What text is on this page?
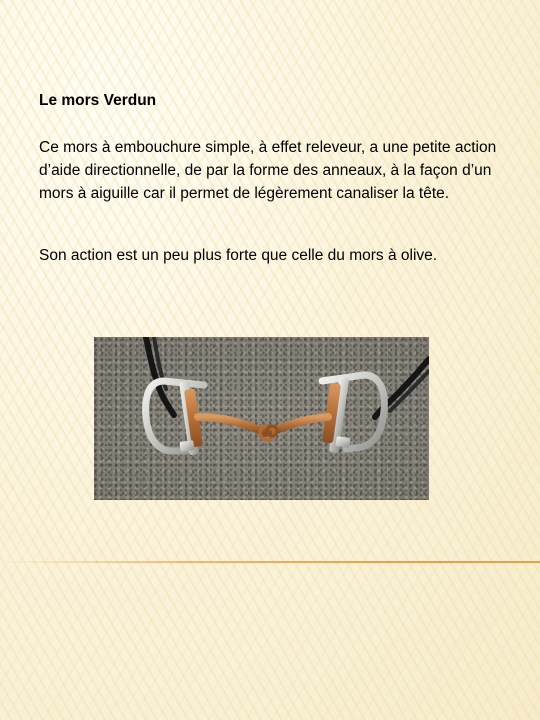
Le mors Verdun

Ce mors à embouchure simple, à effet releveur, a une petite action d’aide directionnelle, de par la forme des anneaux, à la façon d’un mors à aiguille car il permet de légèrement canaliser la tête.

Son action est un peu plus forte que celle du mors à olive.
